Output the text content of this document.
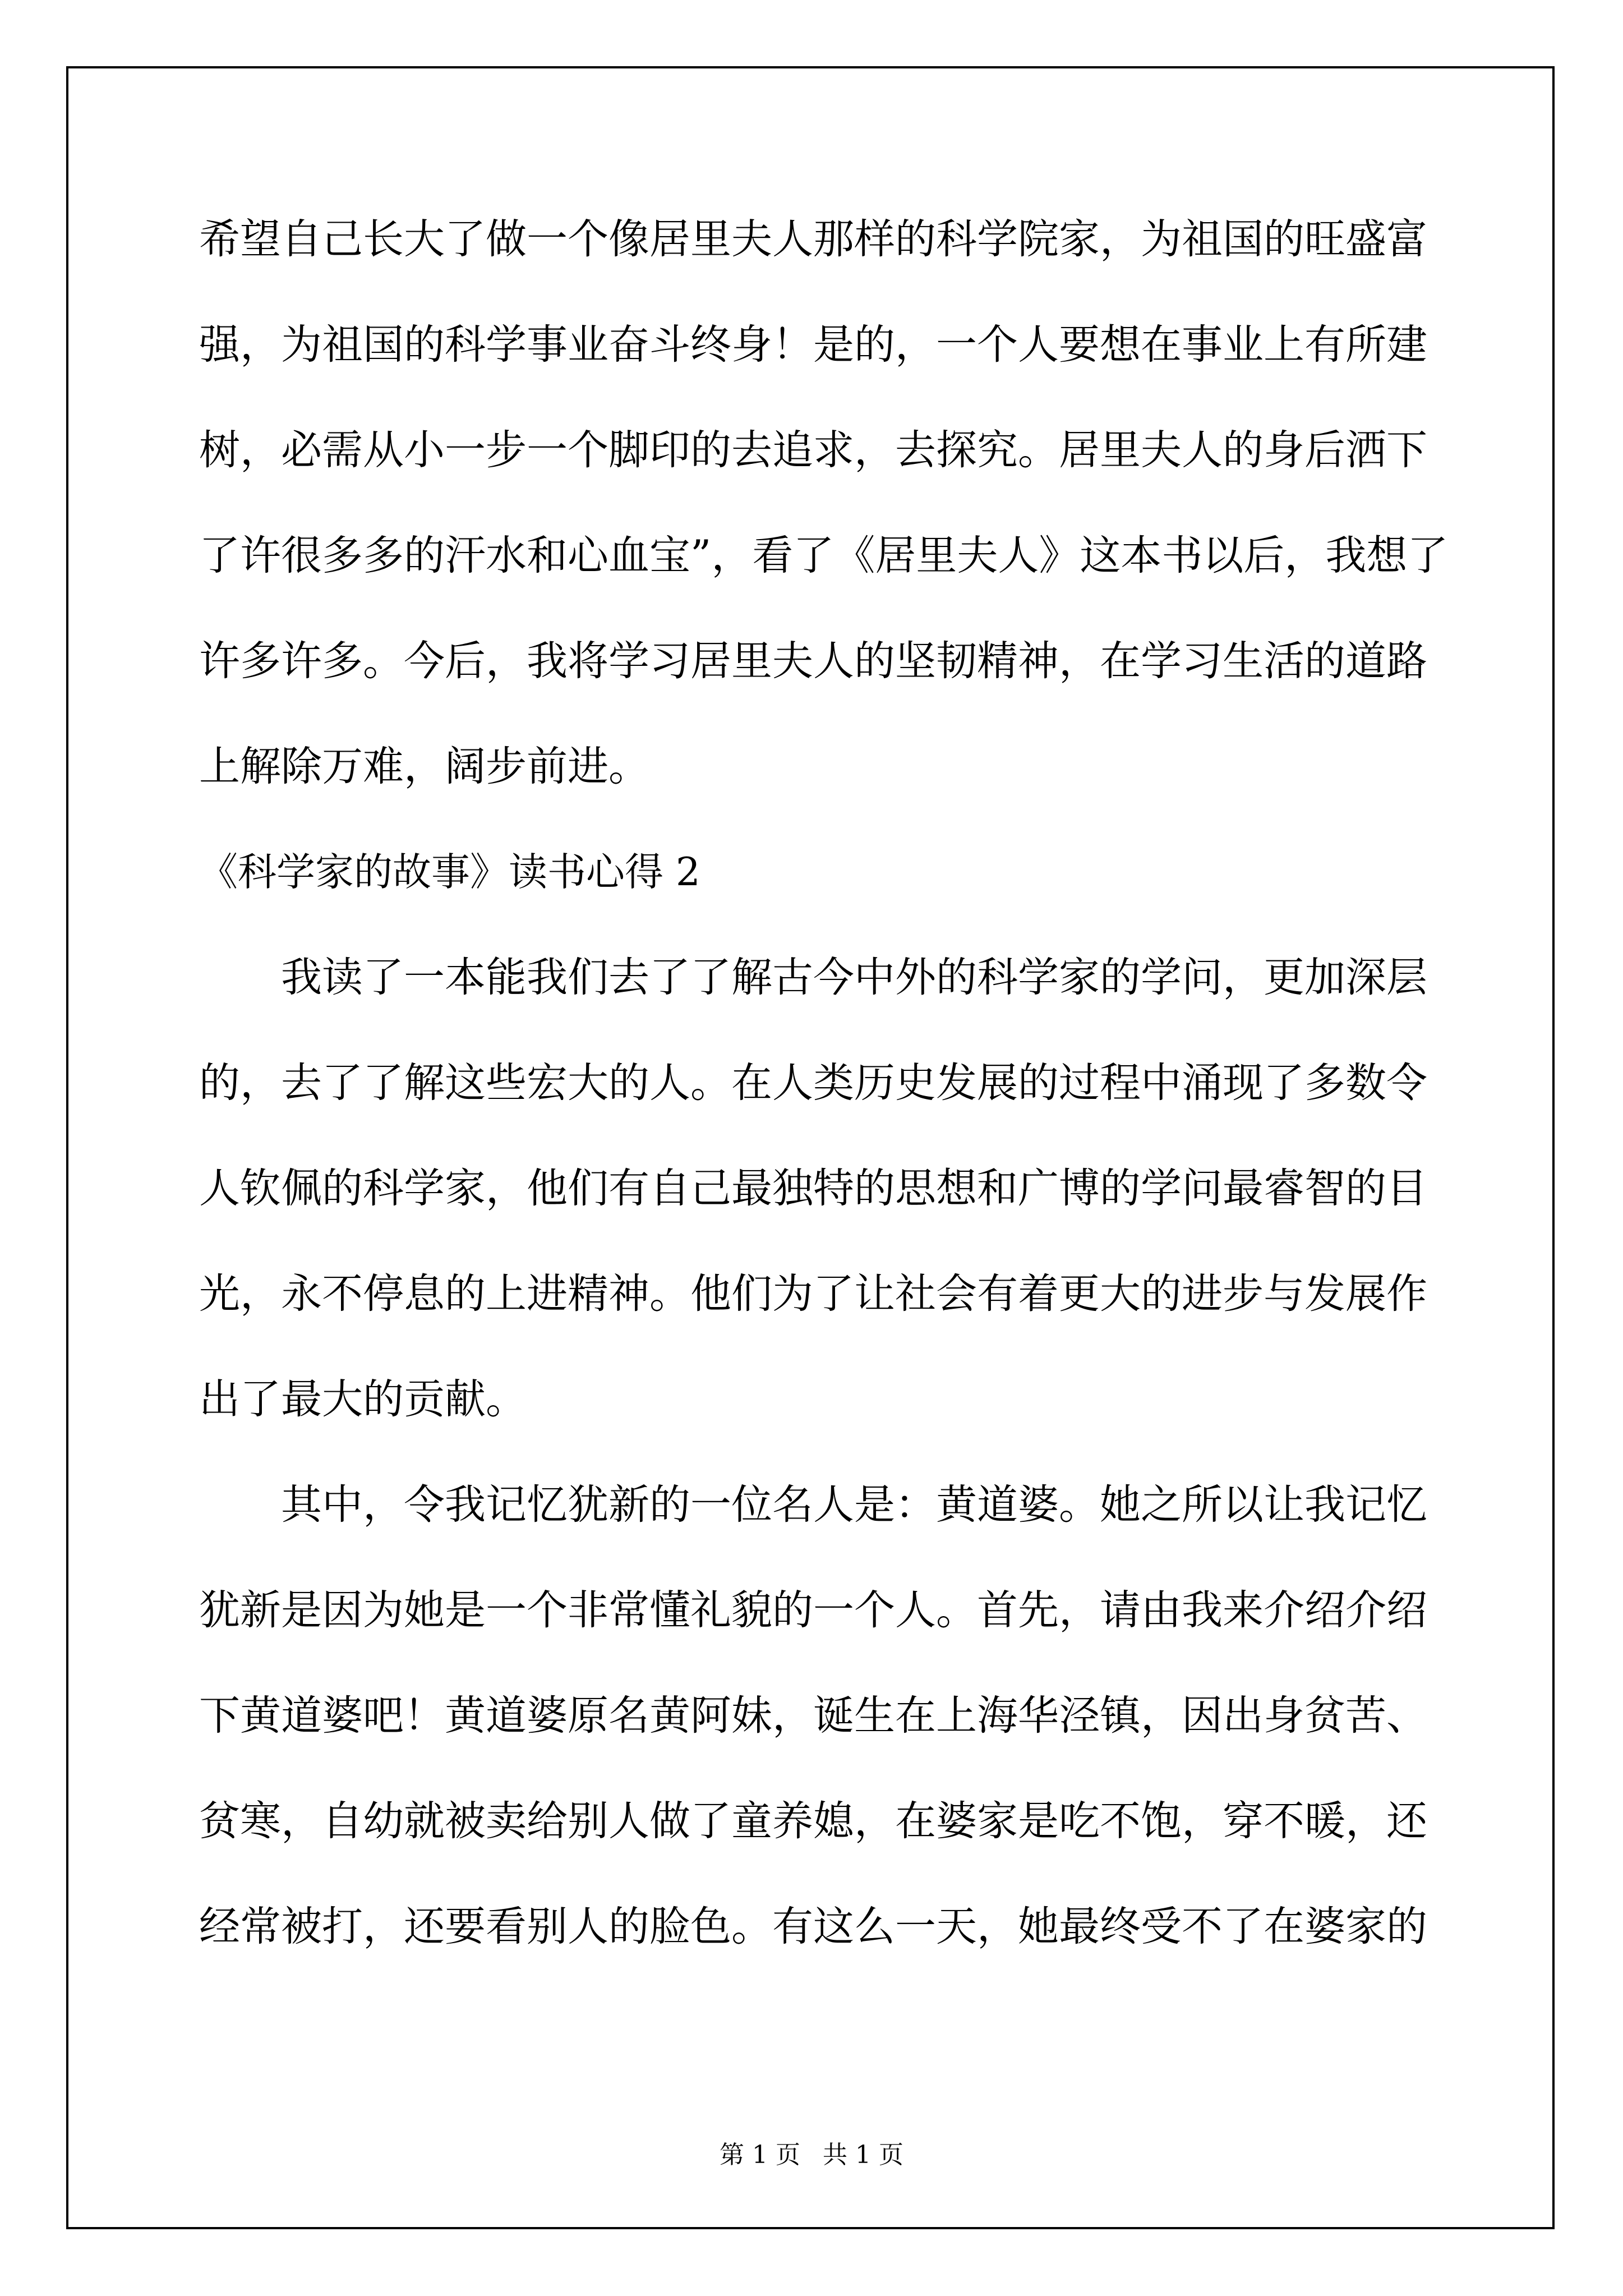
希望自己长大了做一个像居里夫人那样的科学院家，为祖国的旺盛富
强，为祖国的科学事业奋斗终身！是的，一个人要想在事业上有所建
树，必需从小一步一个脚印的去追求，去探究。居里夫人的身后洒下
了许很多多的汗水和心血宝”，看了《居里夫人》这本书以后，我想了
许多许多。今后，我将学习居里夫人的坚韧精神，在学习生活的道路
上解除万难，阔步前进。
《科学家的故事》读书心得 2
我读了一本能我们去了了解古今中外的科学家的学问，更加深层
的，去了了解这些宏大的人。在人类历史发展的过程中涌现了多数令
人钦佩的科学家，他们有自己最独特的思想和广博的学问最睿智的目
光，永不停息的上进精神。他们为了让社会有着更大的进步与发展作
出了最大的贡献。
其中，令我记忆犹新的一位名人是：黄道婆。她之所以让我记忆
犹新是因为她是一个非常懂礼貌的一个人。首先，请由我来介绍介绍
下黄道婆吧！黄道婆原名黄阿妹，诞生在上海华泾镇，因出身贫苦、
贫寒，自幼就被卖给别人做了童养媳，在婆家是吃不饱，穿不暖，还
经常被打，还要看别人的脸色。有这么一天，她最终受不了在婆家的
第 1 页 共 1 页
